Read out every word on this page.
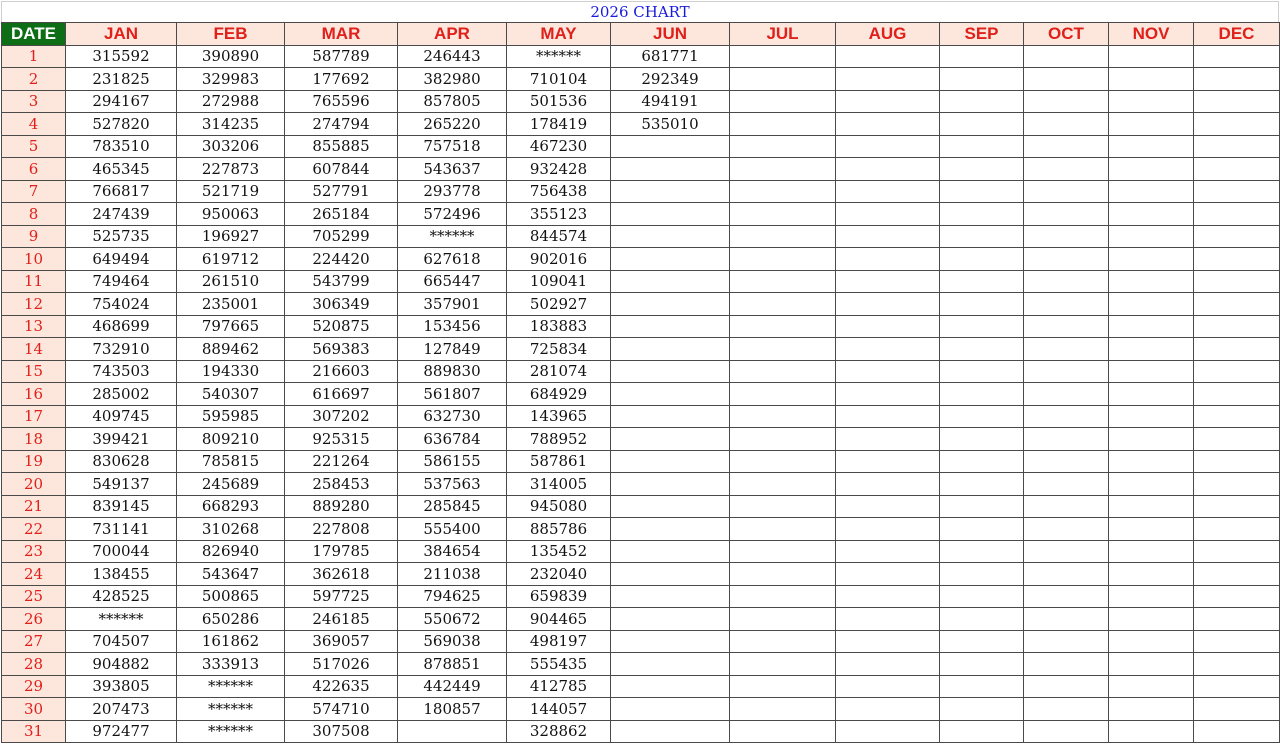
2026 CHART
DATE	JAN	FEB	MAR	APR	MAY	JUN	JUL	AUG	SEP	OCT	NOV	DEC
1	315592	390890	587789	246443	******	681771						
2	231825	329983	177692	382980	710104	292349						
3	294167	272988	765596	857805	501536	494191						
4	527820	314235	274794	265220	178419	535010						
5	783510	303206	855885	757518	467230							
6	465345	227873	607844	543637	932428							
7	766817	521719	527791	293778	756438							
8	247439	950063	265184	572496	355123							
9	525735	196927	705299	******	844574							
10	649494	619712	224420	627618	902016							
11	749464	261510	543799	665447	109041							
12	754024	235001	306349	357901	502927							
13	468699	797665	520875	153456	183883							
14	732910	889462	569383	127849	725834							
15	743503	194330	216603	889830	281074							
16	285002	540307	616697	561807	684929							
17	409745	595985	307202	632730	143965							
18	399421	809210	925315	636784	788952							
19	830628	785815	221264	586155	587861							
20	549137	245689	258453	537563	314005							
21	839145	668293	889280	285845	945080							
22	731141	310268	227808	555400	885786							
23	700044	826940	179785	384654	135452							
24	138455	543647	362618	211038	232040							
25	428525	500865	597725	794625	659839							
26	******	650286	246185	550672	904465							
27	704507	161862	369057	569038	498197							
28	904882	333913	517026	878851	555435							
29	393805	******	422635	442449	412785							
30	207473	******	574710	180857	144057							
31	972477	******	307508		328862							
